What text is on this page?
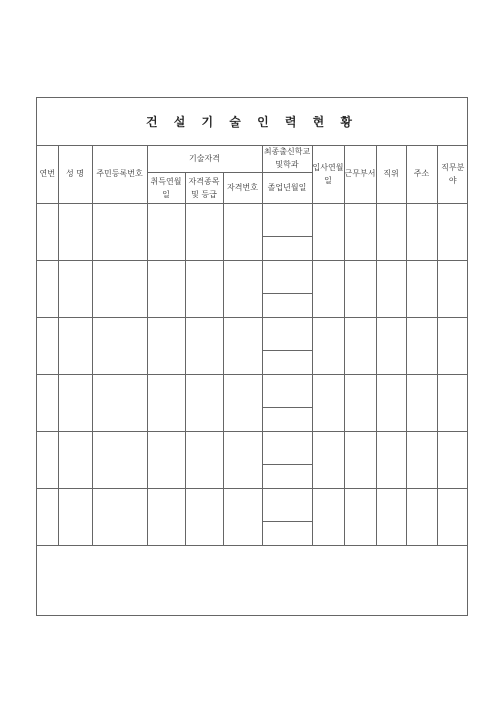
건 설 기 술 인 력 현 황
연번	성 명	주민등록번호	기술자격			최종출신학교및학과	입사연월일	근무부서	직위	주소	직무분야
			취득연월일	자격종목및 등급	자격번호	졸업년월일					
